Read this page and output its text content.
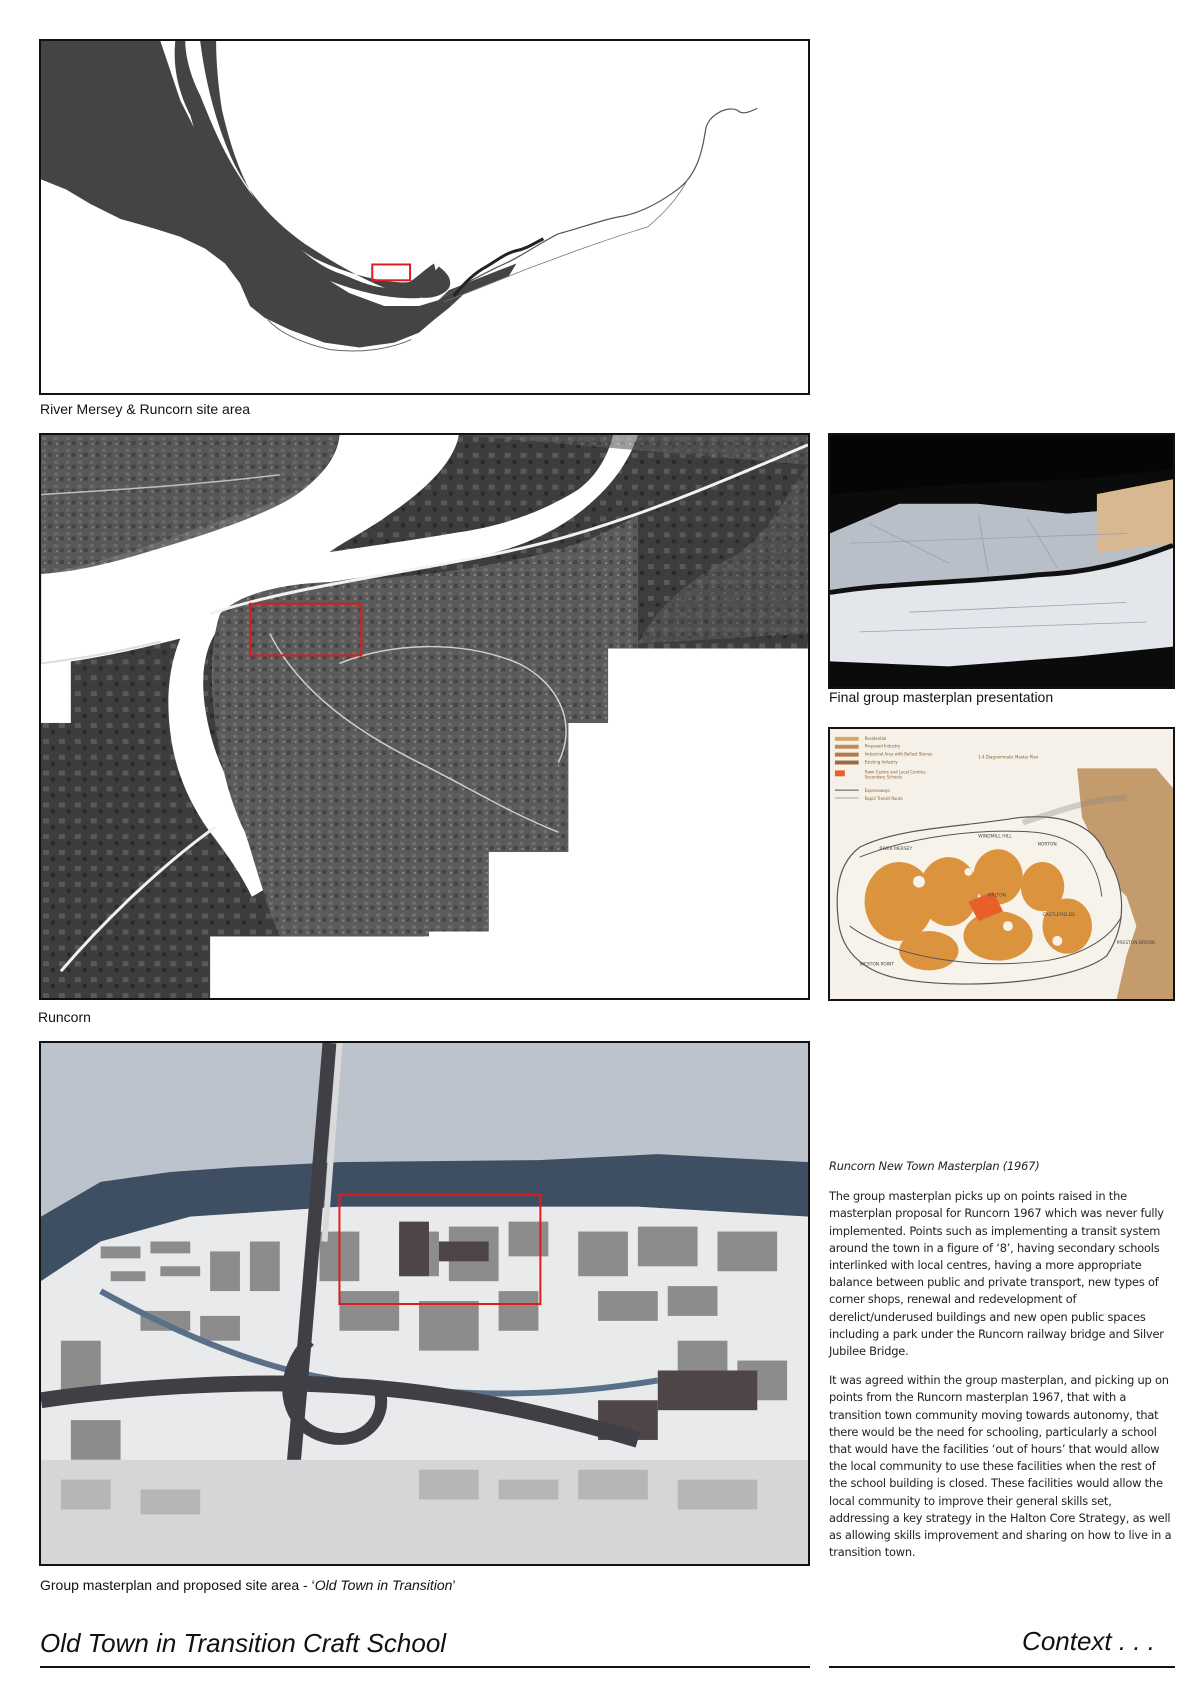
River Mersey & Runcorn site area
Runcorn
Final group masterplan presentation
Residential
Proposed Industry
Industrial Area with Ballast Stones
Existing Industry
Town Centre and Local Centres
Secondary Schools
Expressways
Rapid Transit Route
1.4 Diagrammatic Master Plan
RIVER MERSEY
NORTON
WINDMILL HILL
HALTON
CASTLEFIELDS
WESTON POINT
PRESTON BROOK
Group masterplan and proposed site area - ‘Old Town in Transition’
Runcorn New Town Masterplan (1967)

The group masterplan picks up on points raised in the masterplan proposal for Runcorn 1967 which was never fully implemented. Points such as implementing a transit system around the town in a figure of ‘8’, having secondary schools interlinked with local centres, having a more appropriate balance between public and private transport, new types of corner shops, renewal and redevelopment of derelict/underused buildings and new open public spaces including a park under the Runcorn railway bridge and Silver Jubilee Bridge.

It was agreed within the group masterplan, and picking up on points from the Runcorn masterplan 1967, that with a transition town community moving towards autonomy, that there would be the need for schooling, particularly a school that would have the facilities ‘out of hours’ that would allow the local community to use these facilities when the rest of the school building is closed. These facilities would allow the local community to improve their general skills set, addressing a key strategy in the Halton Core Strategy, as well as allowing skills improvement and sharing on how to live in a transition town.

Old Town in Transition Craft School	Context . . .
